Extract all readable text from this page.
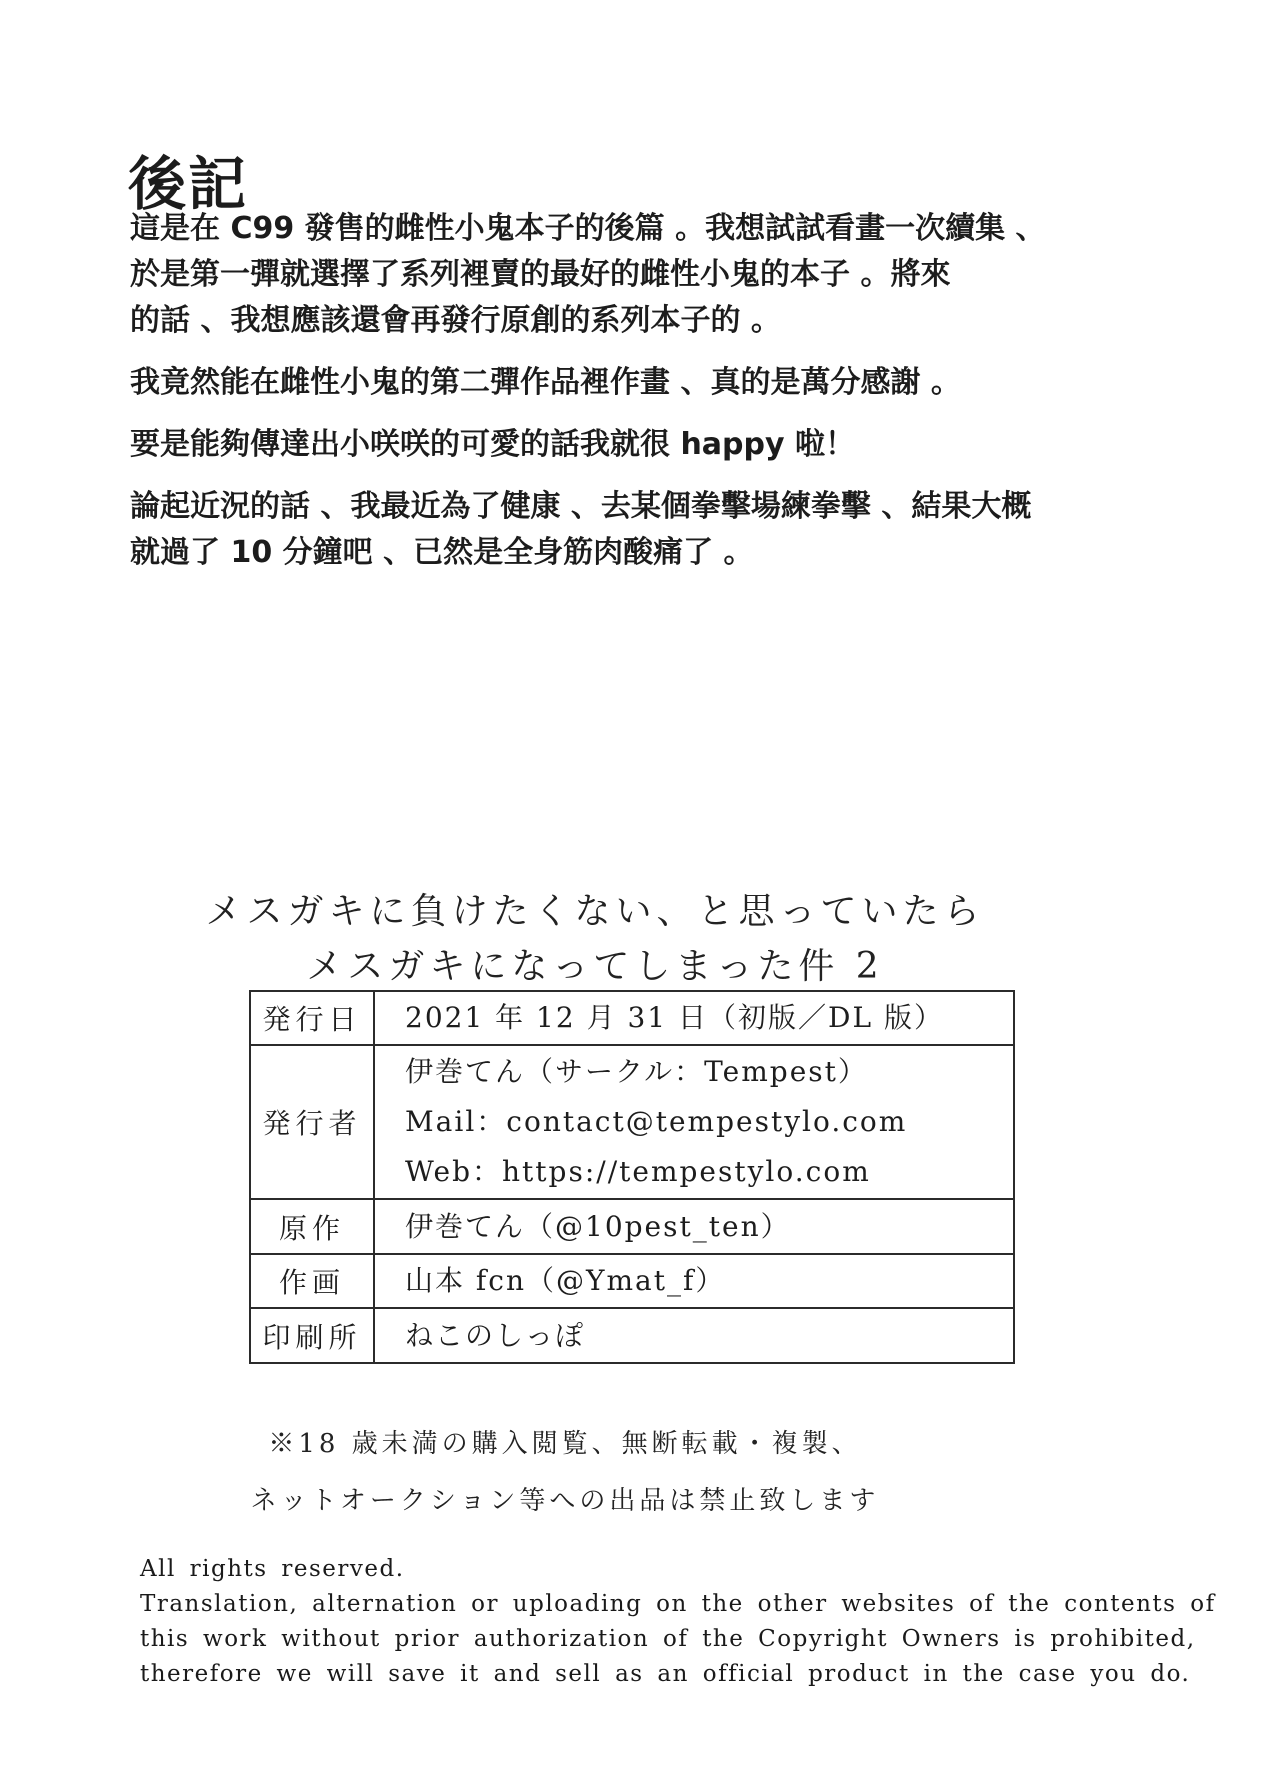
後記

這是在 C99 發售的雌性小鬼本子的後篇 。我想試試看畫一次續集 、
於是第一彈就選擇了系列裡賣的最好的雌性小鬼的本子 。將來
的話 、我想應該還會再發行原創的系列本子的 。

我竟然能在雌性小鬼的第二彈作品裡作畫 、真的是萬分感謝 。

要是能夠傳達出小咲咲的可愛的話我就很 happy 啦！

論起近況的話 、我最近為了健康 、去某個拳擊場練拳擊 、結果大概
就過了 10 分鐘吧 、已然是全身筋肉酸痛了 。

メスガキに負けたくない、と思っていたら
メスガキになってしまった件 2
発行日	2021 年 12 月 31 日（初版／DL 版）

発行者	伊巻てん（サークル：Tempest）
Mail：contact@tempestylo.com
Web：https://tempestylo.com

原作	伊巻てん（@10pest_ten）

作画	山本 fcn（@Ymat_f）

印刷所	ねこのしっぽ
※18 歳未満の購入閲覧、無断転載・複製、
ネットオークション等への出品は禁止致します
All rights reserved.
Translation, alternation or uploading on the other websites of the contents of
this work without prior authorization of the Copyright Owners is prohibited,
therefore we will save it and sell as an official product in the case you do.
